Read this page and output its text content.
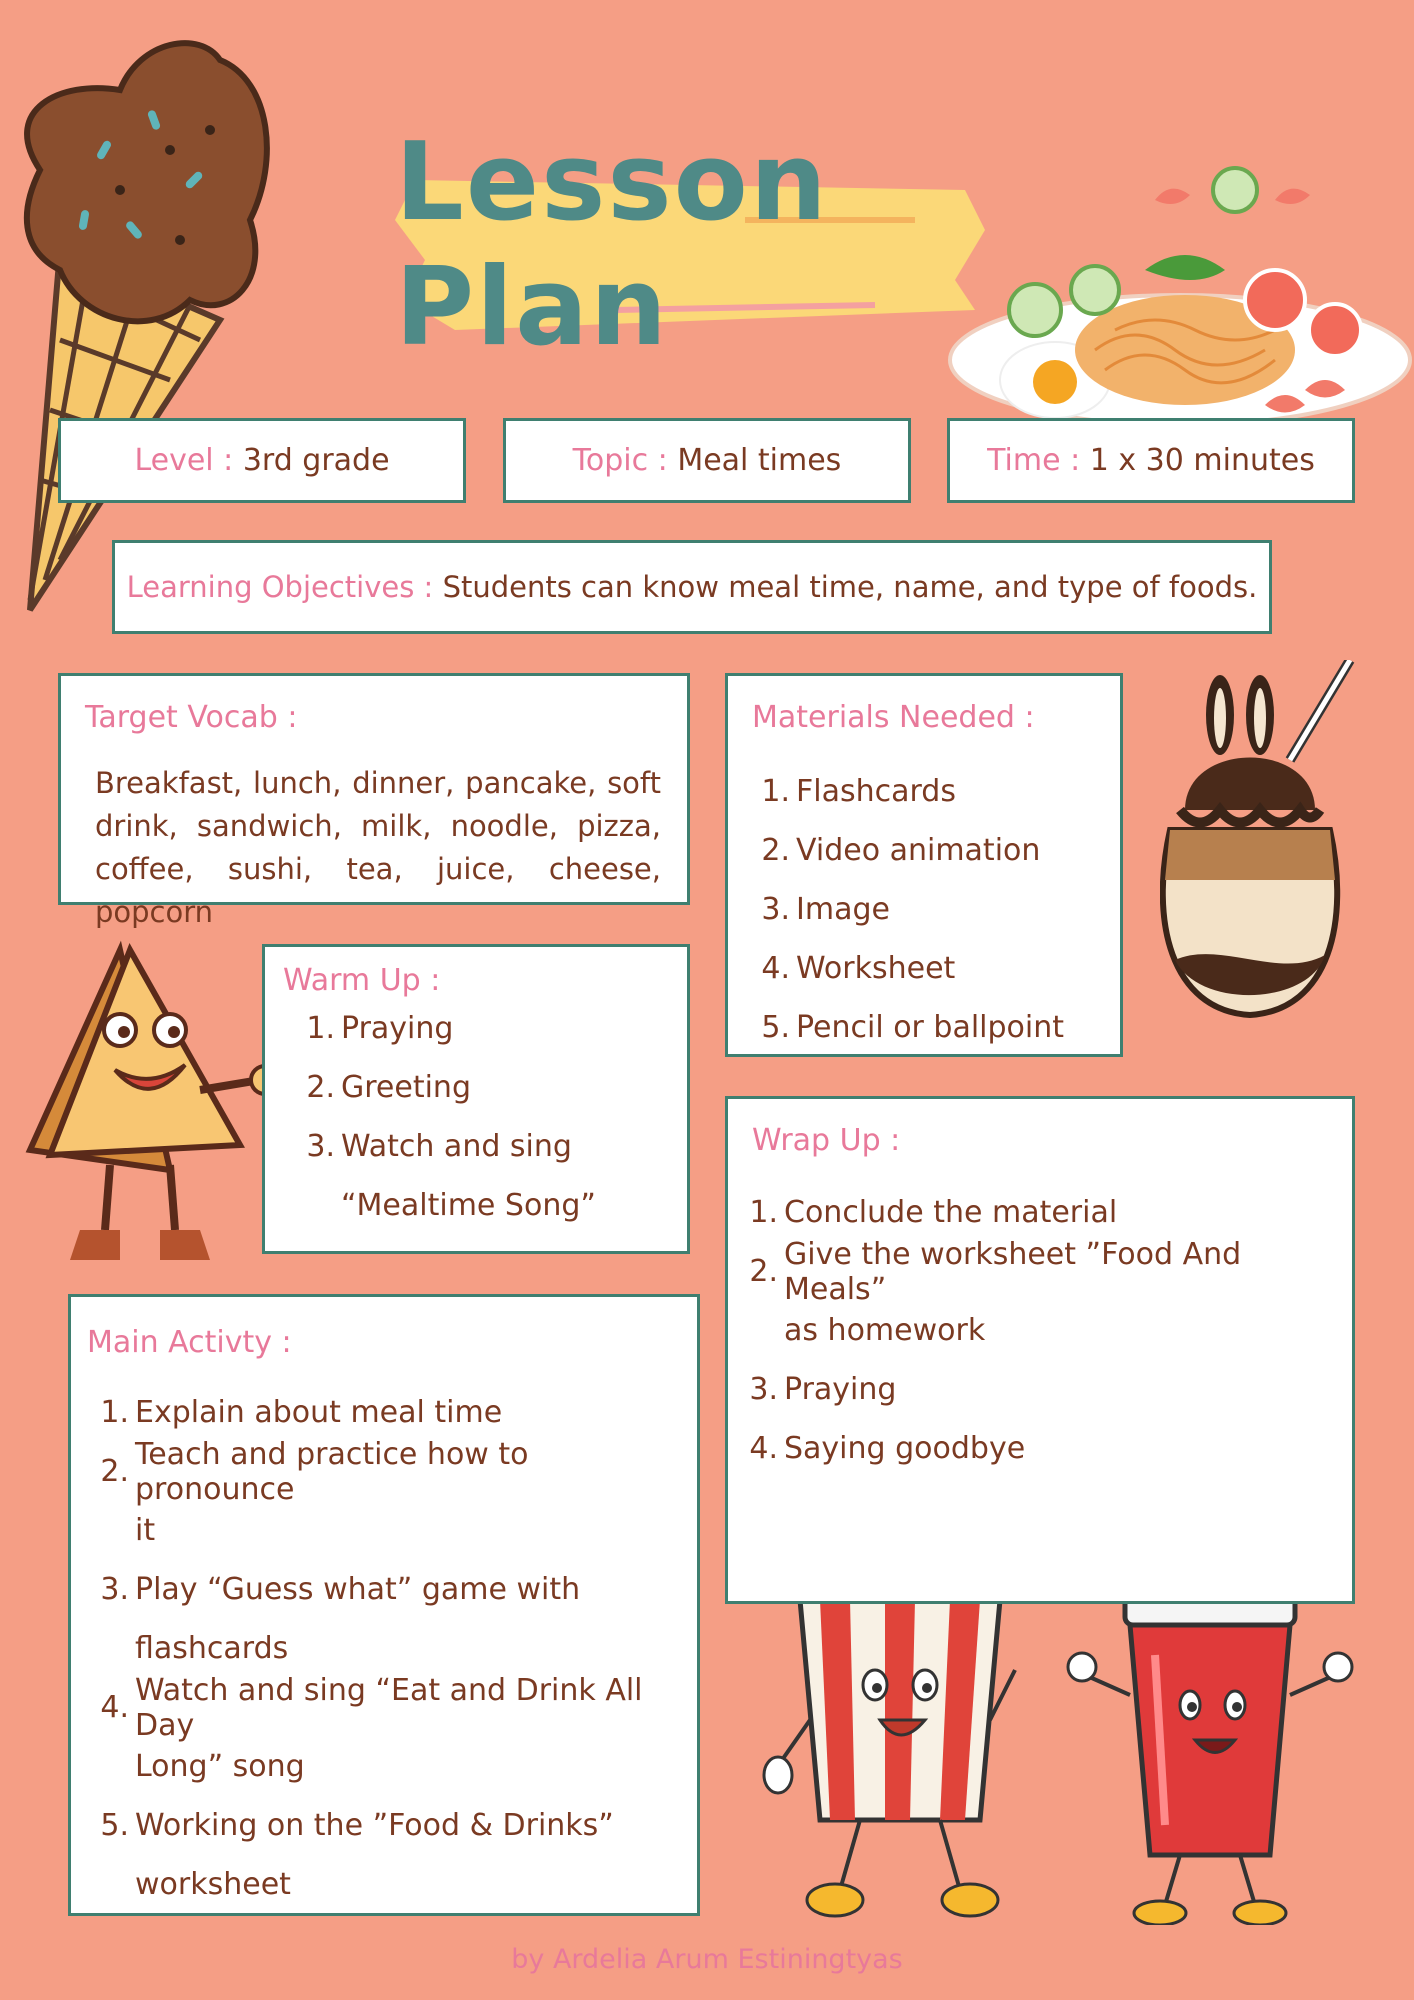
Lesson Plan
Level :
3rd grade	Topic :
Meal times	Time :
1 x 30 minutes
Learning Objectives :
Students can know meal time, name, and type of foods.
Target Vocab :
Breakfast, lunch, dinner, pancake, soft drink, sandwich, milk, noodle, pizza, coffee, sushi, tea, juice, cheese, popcorn
Materials Needed :
1. Flashcards
2. Video animation
3. Image
4. Worksheet
5. Pencil or ballpoint
Warm Up :
1. Praying
2. Greeting
3. Watch and sing
“Mealtime Song”
Wrap Up :
1. Conclude the material
2. Give the worksheet ”Food And Meals”
as homework
3. Praying
4. Saying goodbye
Main Activty :
1. Explain about meal time
2. Teach and practice how to pronounce
it
3. Play “Guess what” game with
flashcards
4. Watch and sing “Eat and Drink All Day
Long” song
5. Working on the ”Food & Drinks”
worksheet
by Ardelia Arum Estiningtyas
